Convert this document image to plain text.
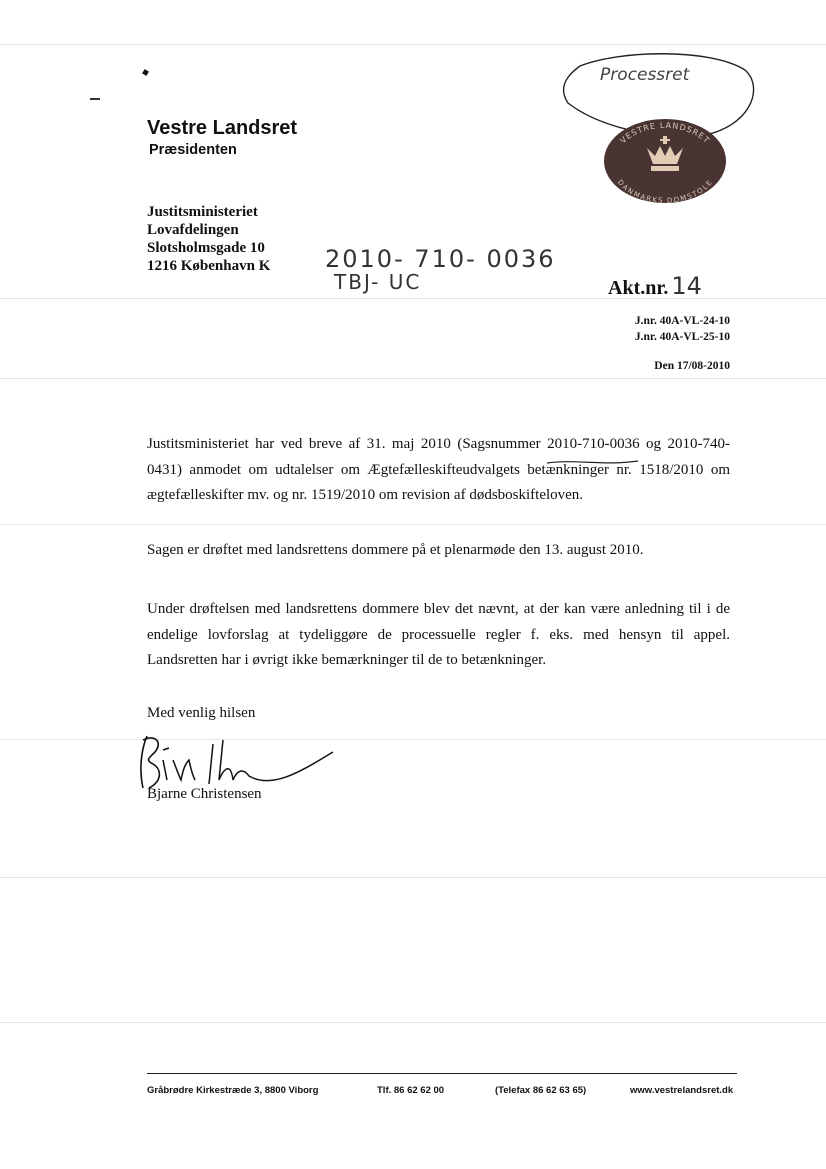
Vestre Landsret
Præsidenten
Processret
VESTRE LANDSRET
DANMARKS DOMSTOLE
Justitsministeriet
Lovafdelingen
Slotsholmsgade 10
1216 København K 2010- 710- 0036
TBJ- UC	Akt.nr. 14
J.nr. 40A-VL-24-10
J.nr. 40A-VL-25-10
Den 17/08-2010
Justitsministeriet har ved breve af 31. maj 2010 (Sagsnummer 2010-710-0036 og 2010-740-0431) anmodet om udtalelser om Ægtefælleskifteudvalgets betænkninger nr. 1518/2010 om ægtefælleskifter mv. og nr. 1519/2010 om revision af dødsboskifteloven.
Sagen er drøftet med landsrettens dommere på et plenarmøde den 13. august 2010.
Under drøftelsen med landsrettens dommere blev det nævnt, at der kan være anledning til i de endelige lovforslag at tydeliggøre de processuelle regler f. eks. med hensyn til appel. Landsretten har i øvrigt ikke bemærkninger til de to betænkninger.
Med venlig hilsen
Bjarne Christensen
Gråbrødre Kirkestræde 3, 8800 Viborg	Tlf. 86 62 62 00	(Telefax 86 62 63 65)	www.vestrelandsret.dk
